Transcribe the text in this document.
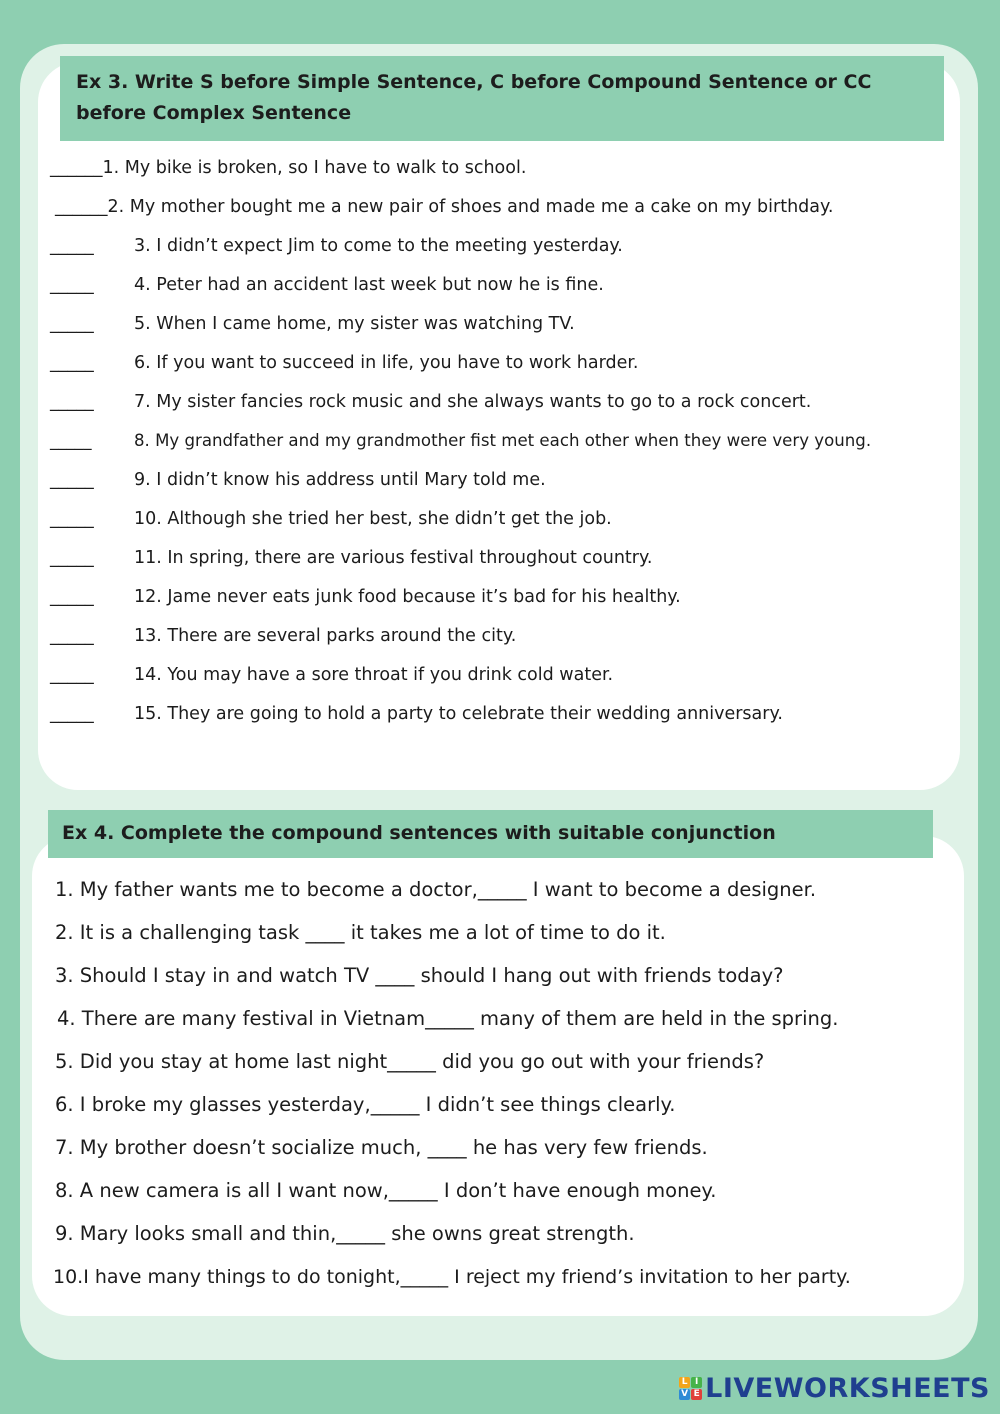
Ex 3. Write S before Simple Sentence, C before Compound Sentence or CC before Complex Sentence
______1. My bike is broken, so I have to walk to school.
______2. My mother bought me a new pair of shoes and made me a cake on my birthday.
_____ 3. I didn’t expect Jim to come to the meeting yesterday.
_____ 4. Peter had an accident last week but now he is fine.
_____ 5. When I came home, my sister was watching TV.
_____ 6. If you want to succeed in life, you have to work harder.
_____ 7. My sister fancies rock music and she always wants to go to a rock concert.
_____	8. My grandfather and my grandmother fist met each other when they were very young.
_____ 9. I didn’t know his address until Mary told me.
_____ 10. Although she tried her best, she didn’t get the job.
_____ 11. In spring, there are various festival throughout country.
_____ 12. Jame never eats junk food because it’s bad for his healthy.
_____ 13. There are several parks around the city.
_____ 14. You may have a sore throat if you drink cold water.
_____ 15. They are going to hold a party to celebrate their wedding anniversary.
Ex 4. Complete the compound sentences with suitable conjunction
1. My father wants me to become a doctor,_____ I want to become a designer.
2. It is a challenging task ____ it takes me a lot of time to do it.
3. Should I stay in and watch TV ____ should I hang out with friends today?
4. There are many festival in Vietnam_____ many of them are held in the spring.
5. Did you stay at home last night_____ did you go out with your friends?
6. I broke my glasses yesterday,_____ I didn’t see things clearly.
7. My brother doesn’t socialize much, ____ he has very few friends.
8. A new camera is all I want now,_____ I don’t have enough money.
9. Mary looks small and thin,_____ she owns great strength.
10.I have many things to do tonight,_____ I reject my friend’s invitation to her party.
L I
V E LIVEWORKSHEETS
